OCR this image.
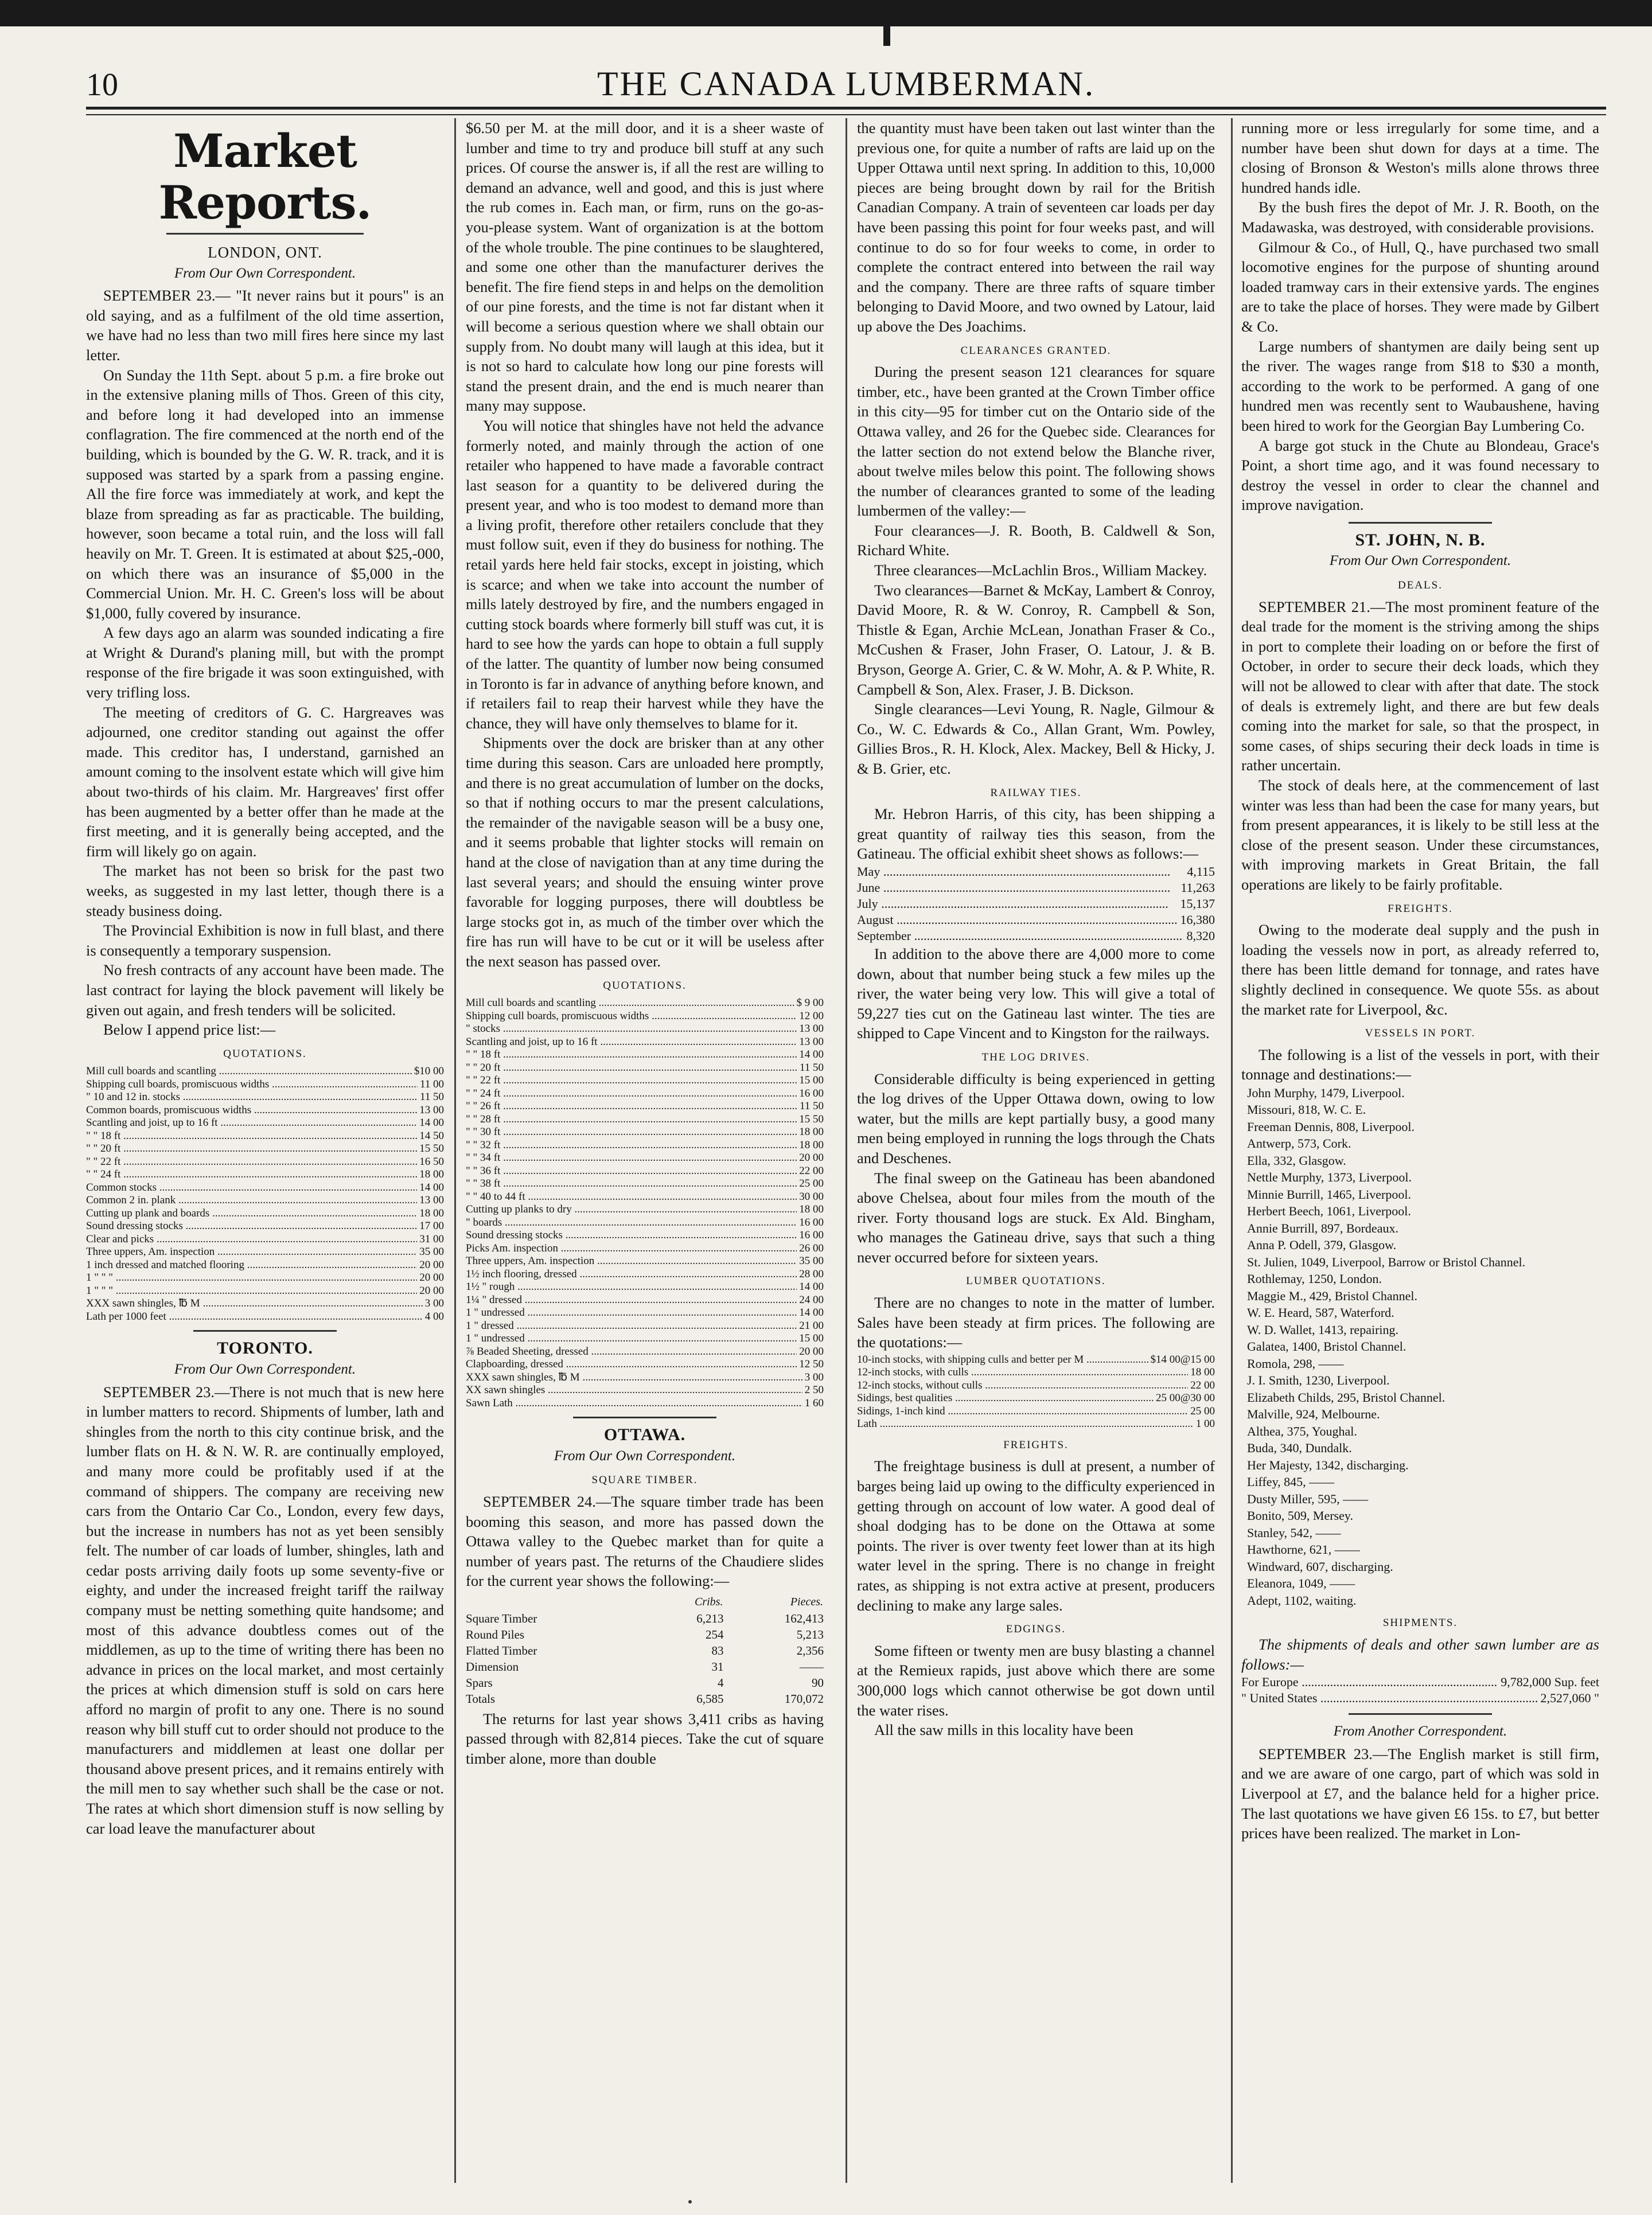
10	THE CANADA LUMBERMAN.
Market Reports.
LONDON, ONT.
From Our Own Correspondent.

SEPTEMBER 23.— "It never rains but it pours" is an old saying, and as a fulfilment of the old time assertion, we have had no less than two mill fires here since my last letter.

On Sunday the 11th Sept. about 5 p.m. a fire broke out in the extensive planing mills of Thos. Green of this city, and before long it had developed into an immense conflagration. The fire commenced at the north end of the building, which is bounded by the G. W. R. track, and it is supposed was started by a spark from a passing engine. All the fire force was immediately at work, and kept the blaze from spreading as far as practicable. The building, however, soon became a total ruin, and the loss will fall heavily on Mr. T. Green. It is estimated at about $25,-000, on which there was an insurance of $5,000 in the Commercial Union. Mr. H. C. Green's loss will be about $1,000, fully covered by insurance.

A few days ago an alarm was sounded indicating a fire at Wright & Durand's planing mill, but with the prompt response of the fire brigade it was soon extinguished, with very trifling loss.

The meeting of creditors of G. C. Hargreaves was adjourned, one creditor standing out against the offer made. This creditor has, I understand, garnished an amount coming to the insolvent estate which will give him about two-thirds of his claim. Mr. Hargreaves' first offer has been augmented by a better offer than he made at the first meeting, and it is generally being accepted, and the firm will likely go on again.

The market has not been so brisk for the past two weeks, as suggested in my last letter, though there is a steady business doing.

The Provincial Exhibition is now in full blast, and there is consequently a temporary suspension.

No fresh contracts of any account have been made. The last contract for laying the block pavement will likely be given out again, and fresh tenders will be solicited.

Below I append price list:—

QUOTATIONS.
Mill cull boards and scantling .....	$10 00
Shipping cull boards, promiscuous widths .....	11 00
" 10 and 12 in. stocks .....	11 50
Common boards, promiscuous widths .....	13 00
Scantling and joist, up to 16 ft .....	14 00
" " 18 ft .....	14 50
" " 20 ft .....	15 50
" " 22 ft .....	16 50
" " 24 ft .....	18 00
Common stocks .....	14 00
Common 2 in. plank .....	13 00
Cutting up plank and boards .....	18 00
Sound dressing stocks .....	17 00
Clear and picks .....	31 00
Three uppers, Am. inspection .....	35 00
1 inch dressed and matched flooring .....	20 00
1 " " " .....	20 00
1 " " " .....	20 00
XXX sawn shingles, ℔ M .....	3 00
Lath per 1000 feet .....	4 00
TORONTO.
From Our Own Correspondent.

SEPTEMBER 23.—There is not much that is new here in lumber matters to record. Shipments of lumber, lath and shingles from the north to this city continue brisk, and the lumber flats on H. & N. W. R. are continually employed, and many more could be profitably used if at the command of shippers. The company are receiving new cars from the Ontario Car Co., London, every few days, but the increase in numbers has not as yet been sensibly felt. The number of car loads of lumber, shingles, lath and cedar posts arriving daily foots up some seventy-five or eighty, and under the increased freight tariff the railway company must be netting something quite handsome; and most of this advance doubtless comes out of the middlemen, as up to the time of writing there has been no advance in prices on the local market, and most certainly the prices at which dimension stuff is sold on cars here afford no margin of profit to any one. There is no sound reason why bill stuff cut to order should not produce to the manufacturers and middlemen at least one dollar per thousand above present prices, and it remains entirely with the mill men to say whether such shall be the case or not. The rates at which short dimension stuff is now selling by car load leave the manufacturer about

$6.50 per M. at the mill door, and it is a sheer waste of lumber and time to try and produce bill stuff at any such prices. Of course the answer is, if all the rest are willing to demand an advance, well and good, and this is just where the rub comes in. Each man, or firm, runs on the go-as-you-please system. Want of organization is at the bottom of the whole trouble. The pine continues to be slaughtered, and some one other than the manufacturer derives the benefit. The fire fiend steps in and helps on the demolition of our pine forests, and the time is not far distant when it will become a serious question where we shall obtain our supply from. No doubt many will laugh at this idea, but it is not so hard to calculate how long our pine forests will stand the present drain, and the end is much nearer than many may suppose.

You will notice that shingles have not held the advance formerly noted, and mainly through the action of one retailer who happened to have made a favorable contract last season for a quantity to be delivered during the present year, and who is too modest to demand more than a living profit, therefore other retailers conclude that they must follow suit, even if they do business for nothing. The retail yards here held fair stocks, except in joisting, which is scarce; and when we take into account the number of mills lately destroyed by fire, and the numbers engaged in cutting stock boards where formerly bill stuff was cut, it is hard to see how the yards can hope to obtain a full supply of the latter. The quantity of lumber now being consumed in Toronto is far in advance of anything before known, and if retailers fail to reap their harvest while they have the chance, they will have only themselves to blame for it.

Shipments over the dock are brisker than at any other time during this season. Cars are unloaded here promptly, and there is no great accumulation of lumber on the docks, so that if nothing occurs to mar the present calculations, the remainder of the navigable season will be a busy one, and it seems probable that lighter stocks will remain on hand at the close of navigation than at any time during the last several years; and should the ensuing winter prove favorable for logging purposes, there will doubtless be large stocks got in, as much of the timber over which the fire has run will have to be cut or it will be useless after the next season has passed over.

QUOTATIONS.
Mill cull boards and scantling .....	$ 9 00
Shipping cull boards, promiscuous widths .....	12 00
" stocks .....	13 00
Scantling and joist, up to 16 ft .....	13 00
" " 18 ft .....	14 00
" " 20 ft .....	11 50
" " 22 ft .....	15 00
" " 24 ft .....	16 00
" " 26 ft .....	11 50
" " 28 ft .....	15 50
" " 30 ft .....	18 00
" " 32 ft .....	18 00
" " 34 ft .....	20 00
" " 36 ft .....	22 00
" " 38 ft .....	25 00
" " 40 to 44 ft .....	30 00
Cutting up planks to dry .....	18 00
" boards .....	16 00
Sound dressing stocks .....	16 00
Picks Am. inspection .....	26 00
Three uppers, Am. inspection .....	35 00
1½ inch flooring, dressed .....	28 00
1½ " rough .....	14 00
1¼ " dressed .....	24 00
1 " undressed .....	14 00
1 " dressed .....	21 00
1 " undressed .....	15 00
⅞ Beaded Sheeting, dressed .....	20 00
Clapboarding, dressed .....	12 50
XXX sawn shingles, ℔ M .....	3 00
XX sawn shingles .....	2 50
Sawn Lath .....	1 60
OTTAWA.
From Our Own Correspondent.
SQUARE TIMBER.

SEPTEMBER 24.—The square timber trade has been booming this season, and more has passed down the Ottawa valley to the Quebec market than for quite a number of years past. The returns of the Chaudiere slides for the current year shows the following:—

	Cribs.	Pieces.
Square Timber	6,213	162,413
Round Piles	254	5,213
Flatted Timber	83	2,356
Dimension	31	——
Spars	4	90
Totals	6,585	170,072

The returns for last year shows 3,411 cribs as having passed through with 82,814 pieces. Take the cut of square timber alone, more than double

the quantity must have been taken out last winter than the previous one, for quite a number of rafts are laid up on the Upper Ottawa until next spring. In addition to this, 10,000 pieces are being brought down by rail for the British Canadian Company. A train of seventeen car loads per day have been passing this point for four weeks past, and will continue to do so for four weeks to come, in order to complete the contract entered into between the rail way and the company. There are three rafts of square timber belonging to David Moore, and two owned by Latour, laid up above the Des Joachims.

CLEARANCES GRANTED.

During the present season 121 clearances for square timber, etc., have been granted at the Crown Timber office in this city—95 for timber cut on the Ontario side of the Ottawa valley, and 26 for the Quebec side. Clearances for the latter section do not extend below the Blanche river, about twelve miles below this point. The following shows the number of clearances granted to some of the leading lumbermen of the valley:—

Four clearances—J. R. Booth, B. Caldwell & Son, Richard White.

Three clearances—McLachlin Bros., William Mackey.

Two clearances—Barnet & McKay, Lambert & Conroy, David Moore, R. & W. Conroy, R. Campbell & Son, Thistle & Egan, Archie McLean, Jonathan Fraser & Co., McCushen & Fraser, John Fraser, O. Latour, J. & B. Bryson, George A. Grier, C. & W. Mohr, A. & P. White, R. Campbell & Son, Alex. Fraser, J. B. Dickson.

Single clearances—Levi Young, R. Nagle, Gilmour & Co., W. C. Edwards & Co., Allan Grant, Wm. Powley, Gillies Bros., R. H. Klock, Alex. Mackey, Bell & Hicky, J. & B. Grier, etc.

RAILWAY TIES.

Mr. Hebron Harris, of this city, has been shipping a great quantity of railway ties this season, from the Gatineau. The official exhibit sheet shows as follows:—

May .....	4,115
June .....	11,263
July .....	15,137
August .....	16,380
September .....	8,320

In addition to the above there are 4,000 more to come down, about that number being stuck a few miles up the river, the water being very low. This will give a total of 59,227 ties cut on the Gatineau last winter. The ties are shipped to Cape Vincent and to Kingston for the railways.

THE LOG DRIVES.

Considerable difficulty is being experienced in getting the log drives of the Upper Ottawa down, owing to low water, but the mills are kept partially busy, a good many men being employed in running the logs through the Chats and Deschenes.

The final sweep on the Gatineau has been abandoned above Chelsea, about four miles from the mouth of the river. Forty thousand logs are stuck. Ex Ald. Bingham, who manages the Gatineau drive, says that such a thing never occurred before for sixteen years.

LUMBER QUOTATIONS.

There are no changes to note in the matter of lumber. Sales have been steady at firm prices. The following are the quotations:—

10-inch stocks, with shipping culls and better per M .....	$14 00@15 00
12-inch stocks, with culls .....	18 00
12-inch stocks, without culls .....	22 00
Sidings, best qualities .....	25 00@30 00
Sidings, 1-inch kind .....	25 00
Lath .....	1 00
FREIGHTS.

The freightage business is dull at present, a number of barges being laid up owing to the difficulty experienced in getting through on account of low water. A good deal of shoal dodging has to be done on the Ottawa at some points. The river is over twenty feet lower than at its high water level in the spring. There is no change in freight rates, as shipping is not extra active at present, producers declining to make any large sales.

EDGINGS.

Some fifteen or twenty men are busy blasting a channel at the Remieux rapids, just above which there are some 300,000 logs which cannot otherwise be got down until the water rises.

All the saw mills in this locality have been

running more or less irregularly for some time, and a number have been shut down for days at a time. The closing of Bronson & Weston's mills alone throws three hundred hands idle.

By the bush fires the depot of Mr. J. R. Booth, on the Madawaska, was destroyed, with considerable provisions.

Gilmour & Co., of Hull, Q., have purchased two small locomotive engines for the purpose of shunting around loaded tramway cars in their extensive yards. The engines are to take the place of horses. They were made by Gilbert & Co.

Large numbers of shantymen are daily being sent up the river. The wages range from $18 to $30 a month, according to the work to be performed. A gang of one hundred men was recently sent to Waubaushene, having been hired to work for the Georgian Bay Lumbering Co.

A barge got stuck in the Chute au Blondeau, Grace's Point, a short time ago, and it was found necessary to destroy the vessel in order to clear the channel and improve navigation.

ST. JOHN, N. B.
From Our Own Correspondent.
DEALS.

SEPTEMBER 21.—The most prominent feature of the deal trade for the moment is the striving among the ships in port to complete their loading on or before the first of October, in order to secure their deck loads, which they will not be allowed to clear with after that date. The stock of deals is extremely light, and there are but few deals coming into the market for sale, so that the prospect, in some cases, of ships securing their deck loads in time is rather uncertain.

The stock of deals here, at the commencement of last winter was less than had been the case for many years, but from present appearances, it is likely to be still less at the close of the present season. Under these circumstances, with improving markets in Great Britain, the fall operations are likely to be fairly profitable.

FREIGHTS.

Owing to the moderate deal supply and the push in loading the vessels now in port, as already referred to, there has been little demand for tonnage, and rates have slightly declined in consequence. We quote 55s. as about the market rate for Liverpool, &c.

VESSELS IN PORT.

The following is a list of the vessels in port, with their tonnage and destinations:—

John Murphy, 1479, Liverpool.
Missouri, 818, W. C. E.
Freeman Dennis, 808, Liverpool.
Antwerp, 573, Cork.
Ella, 332, Glasgow.
Nettle Murphy, 1373, Liverpool.
Minnie Burrill, 1465, Liverpool.
Herbert Beech, 1061, Liverpool.
Annie Burrill, 897, Bordeaux.
Anna P. Odell, 379, Glasgow.
St. Julien, 1049, Liverpool, Barrow or Bristol Channel.
Rothlemay, 1250, London.
Maggie M., 429, Bristol Channel.
W. E. Heard, 587, Waterford.
W. D. Wallet, 1413, repairing.
Galatea, 1400, Bristol Channel.
Romola, 298, ——
J. I. Smith, 1230, Liverpool.
Elizabeth Childs, 295, Bristol Channel.
Malville, 924, Melbourne.
Althea, 375, Youghal.
Buda, 340, Dundalk.
Her Majesty, 1342, discharging.
Liffey, 845, ——
Dusty Miller, 595, ——
Bonito, 509, Mersey.
Stanley, 542, ——
Hawthorne, 621, ——
Windward, 607, discharging.
Eleanora, 1049, ——
Adept, 1102, waiting.
SHIPMENTS.

The shipments of deals and other sawn lumber are as follows:—

For Europe .....	9,782,000 Sup. feet
" United States .....	2,527,060 "
From Another Correspondent.

SEPTEMBER 23.—The English market is still firm, and we are aware of one cargo, part of which was sold in Liverpool at £7, and the balance held for a higher price. The last quotations we have given £6 15s. to £7, but better prices have been realized. The market in Lon-
